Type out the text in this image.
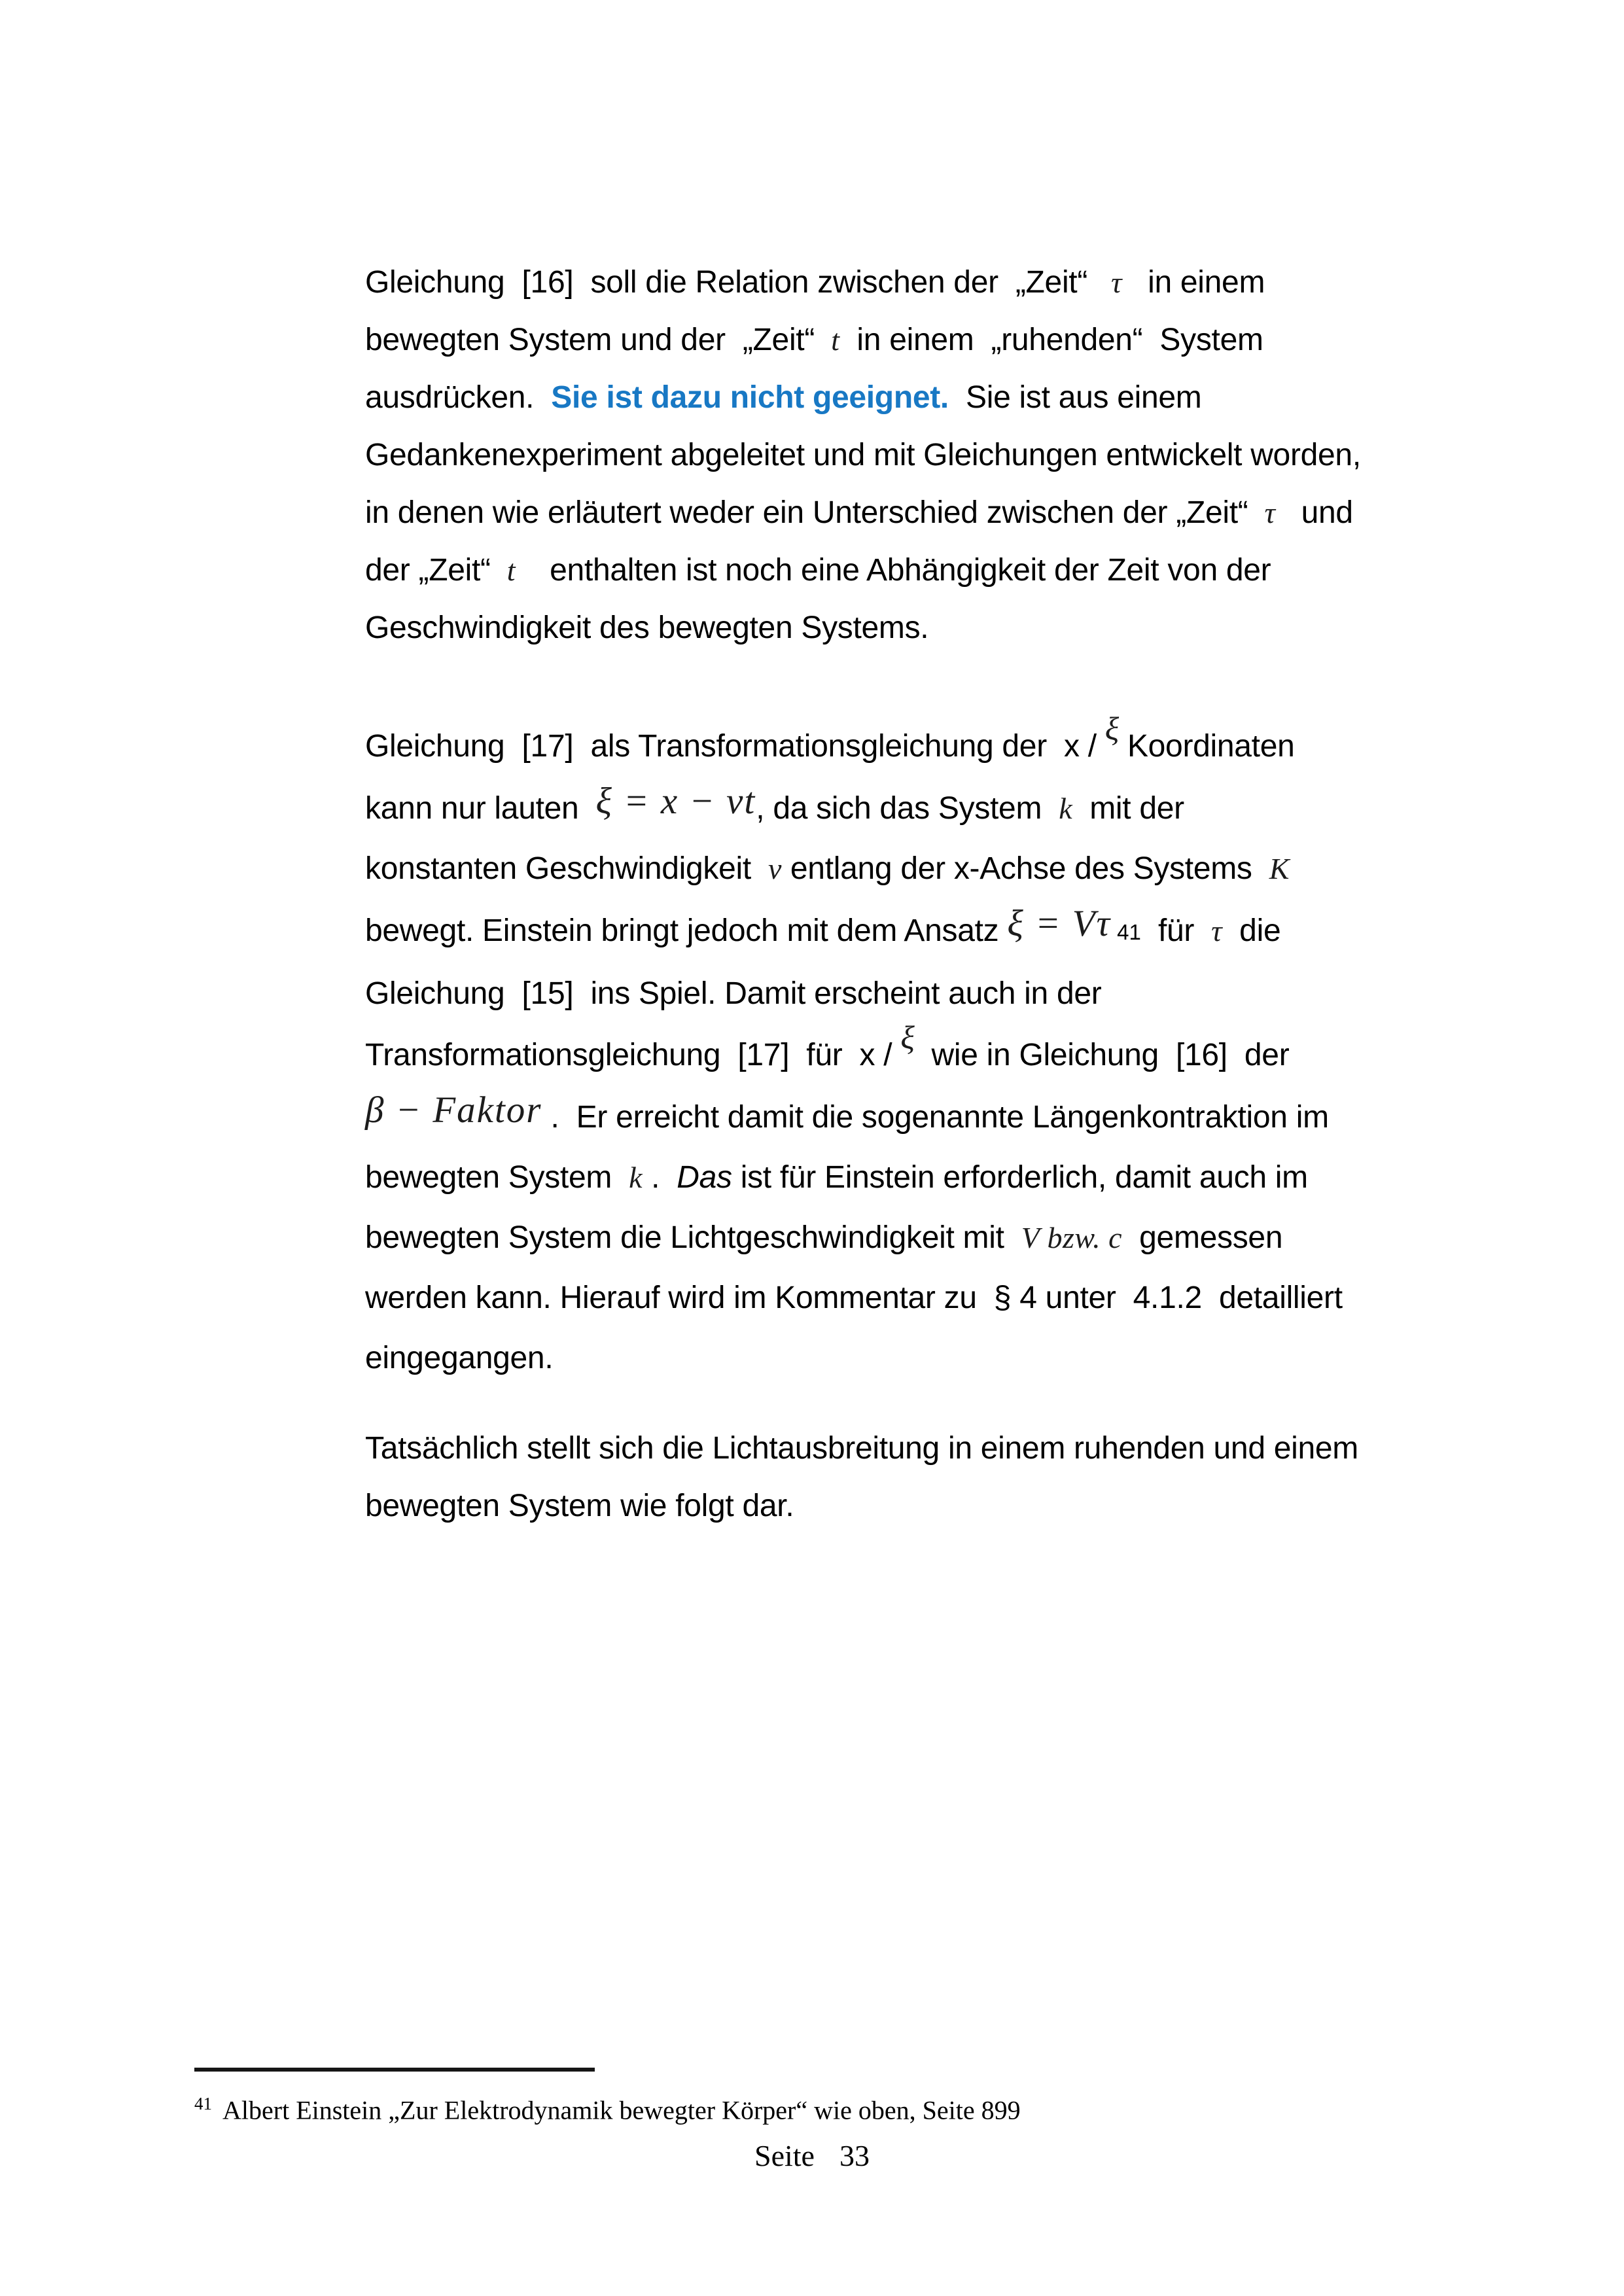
Gleichung  [16]  soll die Relation zwischen der  „Zeit“   τ   in einem
bewegten System und der  „Zeit“  t  in einem  „ruhenden“  System
ausdrücken.  Sie ist dazu nicht geeignet.  Sie ist aus einem
Gedankenexperiment abgeleitet und mit Gleichungen entwickelt worden,
in denen wie erläutert weder ein Unterschied zwischen der „Zeit“  τ   und
der „Zeit“  t    enthalten ist noch eine Abhängigkeit der Zeit von der
Geschwindigkeit des bewegten Systems.
Gleichung  [17]  als Transformationsgleichung der  x / ξ Koordinaten
kann nur lauten  ξ = x − vt, da sich das System  k  mit der
konstanten Geschwindigkeit  v entlang der x-Achse des Systems  K
bewegt. Einstein bringt jedoch mit dem Ansatz ξ = Vτ 41  für  τ  die
Gleichung  [15]  ins Spiel. Damit erscheint auch in der
Transformationsgleichung  [17]  für  x / ξ  wie in Gleichung  [16]  der
β − Faktor .  Er erreicht damit die sogenannte Längenkontraktion im
bewegten System  k .  Das ist für Einstein erforderlich, damit auch im
bewegten System die Lichtgeschwindigkeit mit  V bzw. c  gemessen
werden kann. Hierauf wird im Kommentar zu  § 4 unter  4.1.2  detailliert
eingegangen.
Tatsächlich stellt sich die Lichtausbreitung in einem ruhenden und einem
bewegten System wie folgt dar.
$^{41}$ Albert Einstein „Zur Elektrodynamik bewegter Körper“ wie oben, Seite 899
Seite 33
